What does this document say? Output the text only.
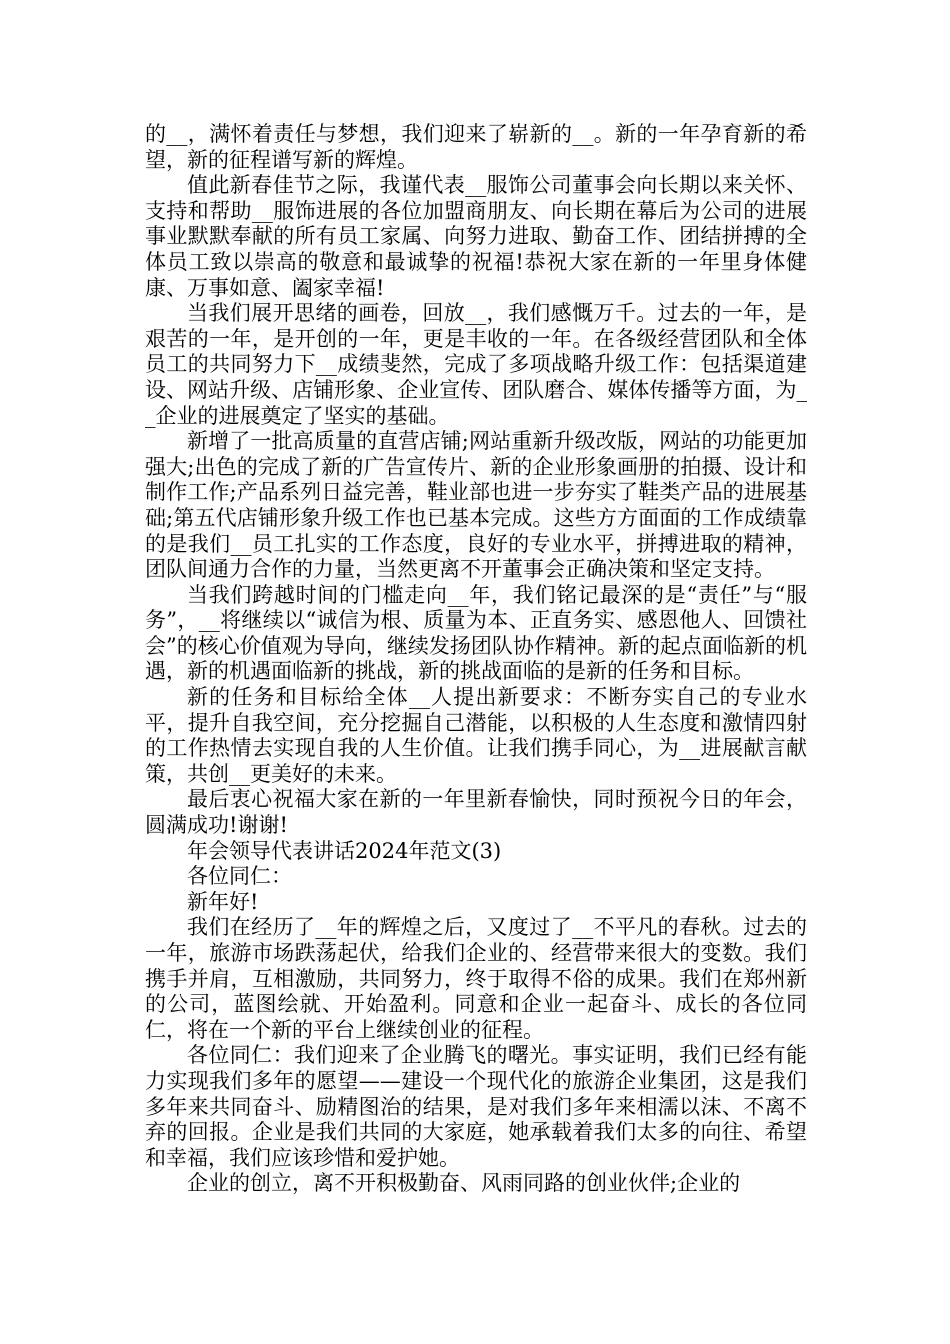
的__，满怀着责任与梦想，我们迎来了崭新的__。新的一年孕育新的希望，新的征程谱写新的辉煌。

值此新春佳节之际，我谨代表__服饰公司董事会向长期以来关怀、支持和帮助__服饰进展的各位加盟商朋友、向长期在幕后为公司的进展事业默默奉献的所有员工家属、向努力进取、勤奋工作、团结拼搏的全体员工致以崇高的敬意和最诚挚的祝福!恭祝大家在新的一年里身体健康、万事如意、阖家幸福!

当我们展开思绪的画卷，回放__，我们感慨万千。过去的一年，是艰苦的一年，是开创的一年，更是丰收的一年。在各级经营团队和全体员工的共同努力下__成绩斐然，完成了多项战略升级工作：包括渠道建设、网站升级、店铺形象、企业宣传、团队磨合、媒体传播等方面，为__企业的进展奠定了坚实的基础。

新增了一批高质量的直营店铺;网站重新升级改版，网站的功能更加强大;出色的完成了新的广告宣传片、新的企业形象画册的拍摄、设计和制作工作;产品系列日益完善，鞋业部也进一步夯实了鞋类产品的进展基础;第五代店铺形象升级工作也已基本完成。这些方方面面的工作成绩靠的是我们__员工扎实的工作态度，良好的专业水平，拼搏进取的精神，团队间通力合作的力量，当然更离不开董事会正确决策和坚定支持。

当我们跨越时间的门槛走向__年，我们铭记最深的是“责任”与“服务”，__将继续以“诚信为根、质量为本、正直务实、感恩他人、回馈社会”的核心价值观为导向，继续发扬团队协作精神。新的起点面临新的机遇，新的机遇面临新的挑战，新的挑战面临的是新的任务和目标。

新的任务和目标给全体__人提出新要求：不断夯实自己的专业水平，提升自我空间，充分挖掘自己潜能，以积极的人生态度和激情四射的工作热情去实现自我的人生价值。让我们携手同心，为__进展献言献策，共创__更美好的未来。

最后衷心祝福大家在新的一年里新春愉快，同时预祝今日的年会，圆满成功!谢谢!

年会领导代表讲话2024年范文(3)

各位同仁：

新年好!

我们在经历了__年的辉煌之后，又度过了__不平凡的春秋。过去的一年，旅游市场跌荡起伏，给我们企业的、经营带来很大的变数。我们携手并肩，互相激励，共同努力，终于取得不俗的成果。我们在郑州新的公司，蓝图绘就、开始盈利。同意和企业一起奋斗、成长的各位同仁，将在一个新的平台上继续创业的征程。

各位同仁：我们迎来了企业腾飞的曙光。事实证明，我们已经有能力实现我们多年的愿望——建设一个现代化的旅游企业集团，这是我们多年来共同奋斗、励精图治的结果，是对我们多年来相濡以沫、不离不弃的回报。企业是我们共同的大家庭，她承载着我们太多的向往、希望和幸福，我们应该珍惜和爱护她。

企业的创立，离不开积极勤奋、风雨同路的创业伙伴;企业的
